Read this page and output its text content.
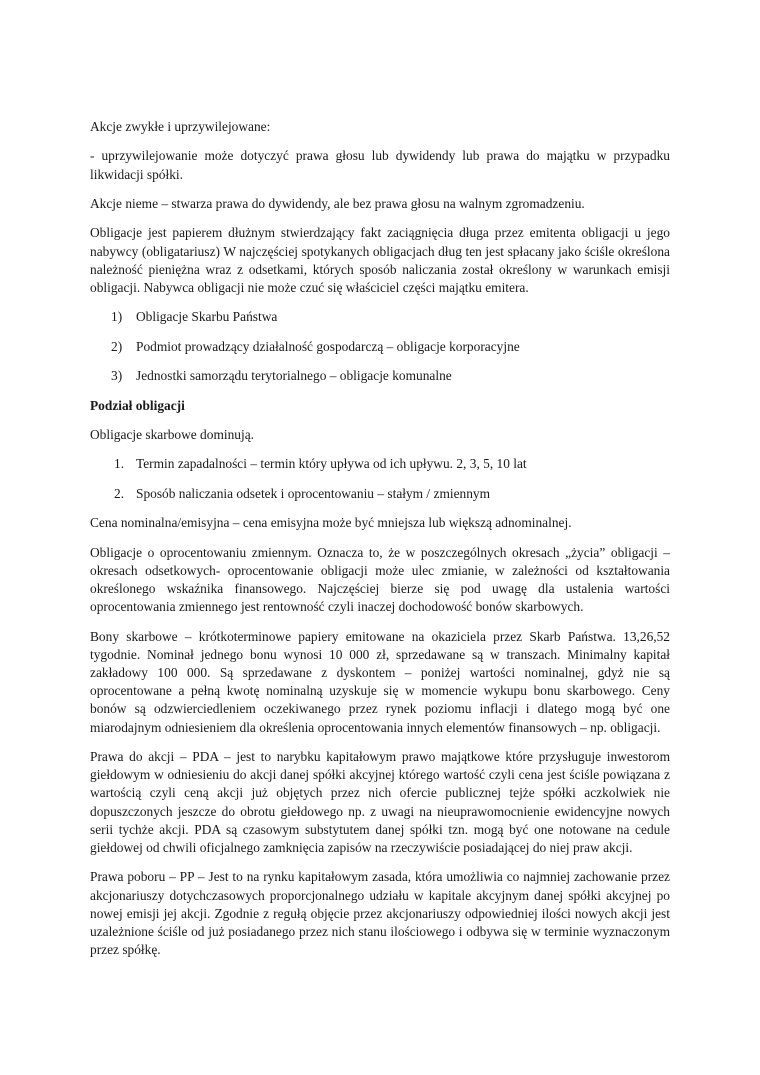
Akcje zwykłe i uprzywilejowane:

- uprzywilejowanie może dotyczyć prawa głosu lub dywidendy lub prawa do majątku w przypadku likwidacji spółki.

Akcje nieme – stwarza prawa do dywidendy, ale bez prawa głosu na walnym zgromadzeniu.

Obligacje jest papierem dłużnym stwierdzający fakt zaciągnięcia długa przez emitenta obligacji u jego nabywcy (obligatariusz) W najczęściej spotykanych obligacjach dług ten jest spłacany jako ściśle określona należność pieniężna wraz z odsetkami, których sposób naliczania został określony w warunkach emisji obligacji. Nabywca obligacji nie może czuć się właściciel części majątku emitera.

1) Obligacje Skarbu Państwa
2) Podmiot prowadzący działalność gospodarczą – obligacje korporacyjne
3) Jednostki samorządu terytorialnego – obligacje komunalne

Podział obligacji

Obligacje skarbowe dominują.

1. Termin zapadalności – termin który upływa od ich upływu. 2, 3, 5, 10 lat
2. Sposób naliczania odsetek i oprocentowaniu – stałym / zmiennym

Cena nominalna/emisyjna – cena emisyjna może być mniejsza lub większą adnominalnej.

Obligacje o oprocentowaniu zmiennym. Oznacza to, że w poszczególnych okresach „życia” obligacji –okresach odsetkowych- oprocentowanie obligacji może ulec zmianie, w zależności od kształtowania określonego wskaźnika finansowego. Najczęściej bierze się pod uwagę dla ustalenia wartości oprocentowania zmiennego jest rentowność czyli inaczej dochodowość bonów skarbowych.

Bony skarbowe – krótkoterminowe papiery emitowane na okaziciela przez Skarb Państwa. 13,26,52 tygodnie. Nominał jednego bonu wynosi 10 000 zł, sprzedawane są w transzach. Minimalny kapitał zakładowy 100 000. Są sprzedawane z dyskontem – poniżej wartości nominalnej, gdyż nie są oprocentowane a pełną kwotę nominalną uzyskuje się w momencie wykupu bonu skarbowego. Ceny bonów są odzwierciedleniem oczekiwanego przez rynek poziomu inflacji i dlatego mogą być one miarodajnym odniesieniem dla określenia oprocentowania innych elementów finansowych – np. obligacji.

Prawa do akcji – PDA – jest to narybku kapitałowym prawo majątkowe które przysługuje inwestorom giełdowym w odniesieniu do akcji danej spółki akcyjnej którego wartość czyli cena jest ściśle powiązana z wartością czyli ceną akcji już objętych przez nich ofercie publicznej tejże spółki aczkolwiek nie dopuszczonych jeszcze do obrotu giełdowego np. z uwagi na nieuprawomocnienie ewidencyjne nowych serii tychże akcji. PDA są czasowym substytutem danej spółki tzn. mogą być one notowane na cedule giełdowej od chwili oficjalnego zamknięcia zapisów na rzeczywiście posiadającej do niej praw akcji.

Prawa poboru – PP – Jest to na rynku kapitałowym zasada, która umożliwia co najmniej zachowanie przez akcjonariuszy dotychczasowych proporcjonalnego udziału w kapitale akcyjnym danej spółki akcyjnej po nowej emisji jej akcji. Zgodnie z regułą objęcie przez akcjonariuszy odpowiedniej ilości nowych akcji jest uzależnione ściśle od już posiadanego przez nich stanu ilościowego i odbywa się w terminie wyznaczonym przez spółkę.
